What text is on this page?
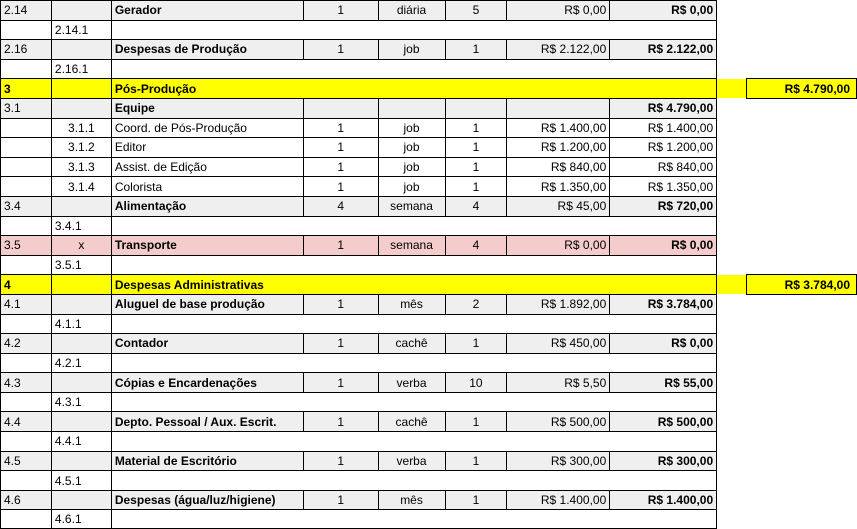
2.14		Gerador	1	diária	5	R$ 0,00	R$ 0,00		
	2.14.1								
2.16		Despesas de Produção	1	job	1	R$ 2.122,00	R$ 2.122,00		
	2.16.1								
3		Pós-Produção							R$ 4.790,00
3.1		Equipe					R$ 4.790,00		
	3.1.1	Coord. de Pós-Produção	1	job	1	R$ 1.400,00	R$ 1.400,00		
	3.1.2	Editor	1	job	1	R$ 1.200,00	R$ 1.200,00		
	3.1.3	Assist. de Edição	1	job	1	R$ 840,00	R$ 840,00		
	3.1.4	Colorista	1	job	1	R$ 1.350,00	R$ 1.350,00		
3.4		Alimentação	4	semana	4	R$ 45,00	R$ 720,00		
	3.4.1								
3.5	x	Transporte	1	semana	4	R$ 0,00	R$ 0,00		
	3.5.1								
4		Despesas Administrativas							R$ 3.784,00
4.1		Aluguel de base produção	1	mês	2	R$ 1.892,00	R$ 3.784,00		
	4.1.1								
4.2		Contador	1	cachê	1	R$ 450,00	R$ 0,00		
	4.2.1								
4.3		Cópias e Encardenações	1	verba	10	R$ 5,50	R$ 55,00		
	4.3.1								
4.4		Depto. Pessoal / Aux. Escrit.	1	cachê	1	R$ 500,00	R$ 500,00		
	4.4.1								
4.5		Material de Escritório	1	verba	1	R$ 300,00	R$ 300,00		
	4.5.1								
4.6		Despesas (água/luz/higiene)	1	mês	1	R$ 1.400,00	R$ 1.400,00		
	4.6.1								
